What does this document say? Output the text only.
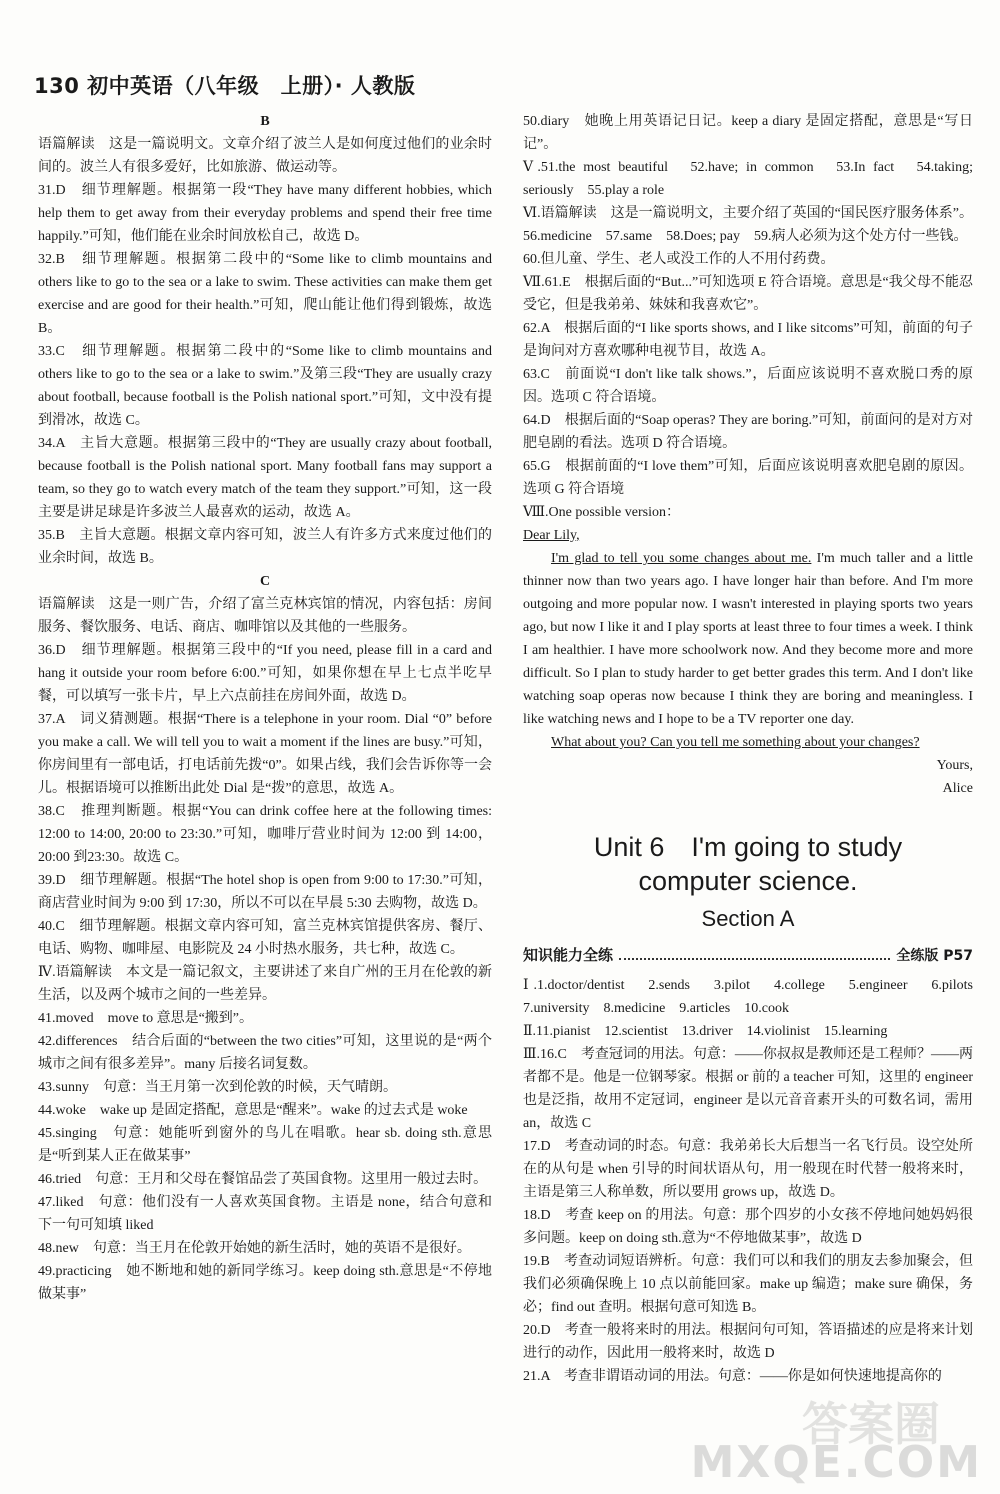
130 初中英语（八年级　上册）· 人教版

B

语篇解读　这是一篇说明文。文章介绍了波兰人是如何度过他们的业余时间的。波兰人有很多爱好，比如旅游、做运动等。

31.D　细节理解题。根据第一段“They have many different hobbies, which help them to get away from their everyday problems and spend their free time happily.”可知，他们能在业余时间放松自己，故选 D。

32.B　细节理解题。根据第二段中的“Some like to climb mountains and others like to go to the sea or a lake to swim. These activities can make them get exercise and are good for their health.”可知，爬山能让他们得到锻炼，故选 B。

33.C　细节理解题。根据第二段中的“Some like to climb mountains and others like to go to the sea or a lake to swim.”及第三段“They are usually crazy about football, because football is the Polish national sport.”可知，文中没有提到滑冰，故选 C。

34.A　主旨大意题。根据第三段中的“They are usually crazy about football, because football is the Polish national sport. Many football fans may support a team, so they go to watch every match of the team they support.”可知，这一段主要是讲足球是许多波兰人最喜欢的运动，故选 A。

35.B　主旨大意题。根据文章内容可知，波兰人有许多方式来度过他们的业余时间，故选 B。

C

语篇解读　这是一则广告，介绍了富兰克林宾馆的情况，内容包括：房间服务、餐饮服务、电话、商店、咖啡馆以及其他的一些服务。

36.D　细节理解题。根据第三段中的“If you need, please fill in a card and hang it outside your room before 6:00.”可知，如果你想在早上七点半吃早餐，可以填写一张卡片，早上六点前挂在房间外面，故选 D。

37.A　词义猜测题。根据“There is a telephone in your room. Dial “0” before you make a call. We will tell you to wait a moment if the lines are busy.”可知，你房间里有一部电话，打电话前先拨“0”。如果占线，我们会告诉你等一会儿。根据语境可以推断出此处 Dial 是“拨”的意思，故选 A。

38.C　推理判断题。根据“You can drink coffee here at the following times: 12:00 to 14:00, 20:00 to 23:30.”可知，咖啡厅营业时间为 12:00 到 14:00，20:00 到23:30。故选 C。

39.D　细节理解题。根据“The hotel shop is open from 9:00 to 17:30.”可知，商店营业时间为 9:00 到 17:30，所以不可以在早晨 5:30 去购物，故选 D。

40.C　细节理解题。根据文章内容可知，富兰克林宾馆提供客房、餐厅、电话、购物、咖啡屋、电影院及 24 小时热水服务，共七种，故选 C。

Ⅳ.语篇解读　本文是一篇记叙文，主要讲述了来自广州的王月在伦敦的新生活，以及两个城市之间的一些差异。

41.moved　move to 意思是“搬到”。

42.differences　结合后面的“between the two cities”可知，这里说的是“两个城市之间有很多差异”。many 后接名词复数。

43.sunny　句意：当王月第一次到伦敦的时候，天气晴朗。

44.woke　wake up 是固定搭配，意思是“醒来”。wake 的过去式是 woke

45.singing　句意：她能听到窗外的鸟儿在唱歌。hear sb. doing sth.意思是“听到某人正在做某事”

46.tried　句意：王月和父母在餐馆品尝了英国食物。这里用一般过去时。

47.liked　句意：他们没有一人喜欢英国食物。主语是 none，结合句意和下一句可知填 liked

48.new　句意：当王月在伦敦开始她的新生活时，她的英语不是很好。

49.practicing　她不断地和她的新同学练习。keep doing sth.意思是“不停地做某事”

50.diary　她晚上用英语记日记。keep a diary 是固定搭配，意思是“写日记”。

Ⅴ.51.the most beautiful　52.have; in common　53.In fact　54.taking; seriously　55.play a role

Ⅵ.语篇解读　这是一篇说明文，主要介绍了英国的“国民医疗服务体系”。

56.medicine　57.same　58.Does; pay　59.病人必须为这个处方付一些钱。

60.但儿童、学生、老人或没工作的人不用付药费。

Ⅶ.61.E　根据后面的“But...”可知选项 E 符合语境。意思是“我父母不能忍受它，但是我弟弟、妹妹和我喜欢它”。

62.A　根据后面的“I like sports shows, and I like sitcoms”可知，前面的句子是询问对方喜欢哪种电视节目，故选 A。

63.C　前面说“I don't like talk shows.”，后面应该说明不喜欢脱口秀的原因。选项 C 符合语境。

64.D　根据后面的“Soap operas? They are boring.”可知，前面问的是对方对肥皂剧的看法。选项 D 符合语境。

65.G　根据前面的“I love them”可知，后面应该说明喜欢肥皂剧的原因。选项 G 符合语境

Ⅷ.One possible version：

Dear Lily,

I'm glad to tell you some changes about me. I'm much taller and a little thinner now than two years ago. I have longer hair than before. And I'm more outgoing and more popular now. I wasn't interested in playing sports two years ago, but now I like it and I play sports at least three to four times a week. I think I am healthier. I have more schoolwork now. And they become more and more difficult. So I plan to study harder to get better grades this term. And I don't like watching soap operas now because I think they are boring and meaningless. I like watching news and I hope to be a TV reporter one day.

What about you? Can you tell me something about your changes?

Yours,

Alice

Unit 6　I'm going to study
computer science.
Section A
知识能力全练	全练版 P57

Ⅰ.1.doctor/dentist　2.sends　3.pilot　4.college　5.engineer　6.pilots　7.university　8.medicine　9.articles　10.cook

Ⅱ.11.pianist　12.scientist　13.driver　14.violinist　15.learning

Ⅲ.16.C　考查冠词的用法。句意：——你叔叔是教师还是工程师？——两者都不是。他是一位钢琴家。根据 or 前的 a teacher 可知，这里的 engineer 也是泛指，故用不定冠词，engineer 是以元音音素开头的可数名词，需用 an，故选 C

17.D　考查动词的时态。句意：我弟弟长大后想当一名飞行员。设空处所在的从句是 when 引导的时间状语从句，用一般现在时代替一般将来时，主语是第三人称单数，所以要用 grows up，故选 D。

18.D　考查 keep on 的用法。句意：那个四岁的小女孩不停地问她妈妈很多问题。keep on doing sth.意为“不停地做某事”，故选 D

19.B　考查动词短语辨析。句意：我们可以和我们的朋友去参加聚会，但我们必须确保晚上 10 点以前能回家。make up 编造；make sure 确保，务必；find out 查明。根据句意可知选 B。

20.D　考查一般将来时的用法。根据问句可知，答语描述的应是将来计划进行的动作，因此用一般将来时，故选 D

21.A　考查非谓语动词的用法。句意：——你是如何快速地提高你的

答案圈
MXQE.COM
